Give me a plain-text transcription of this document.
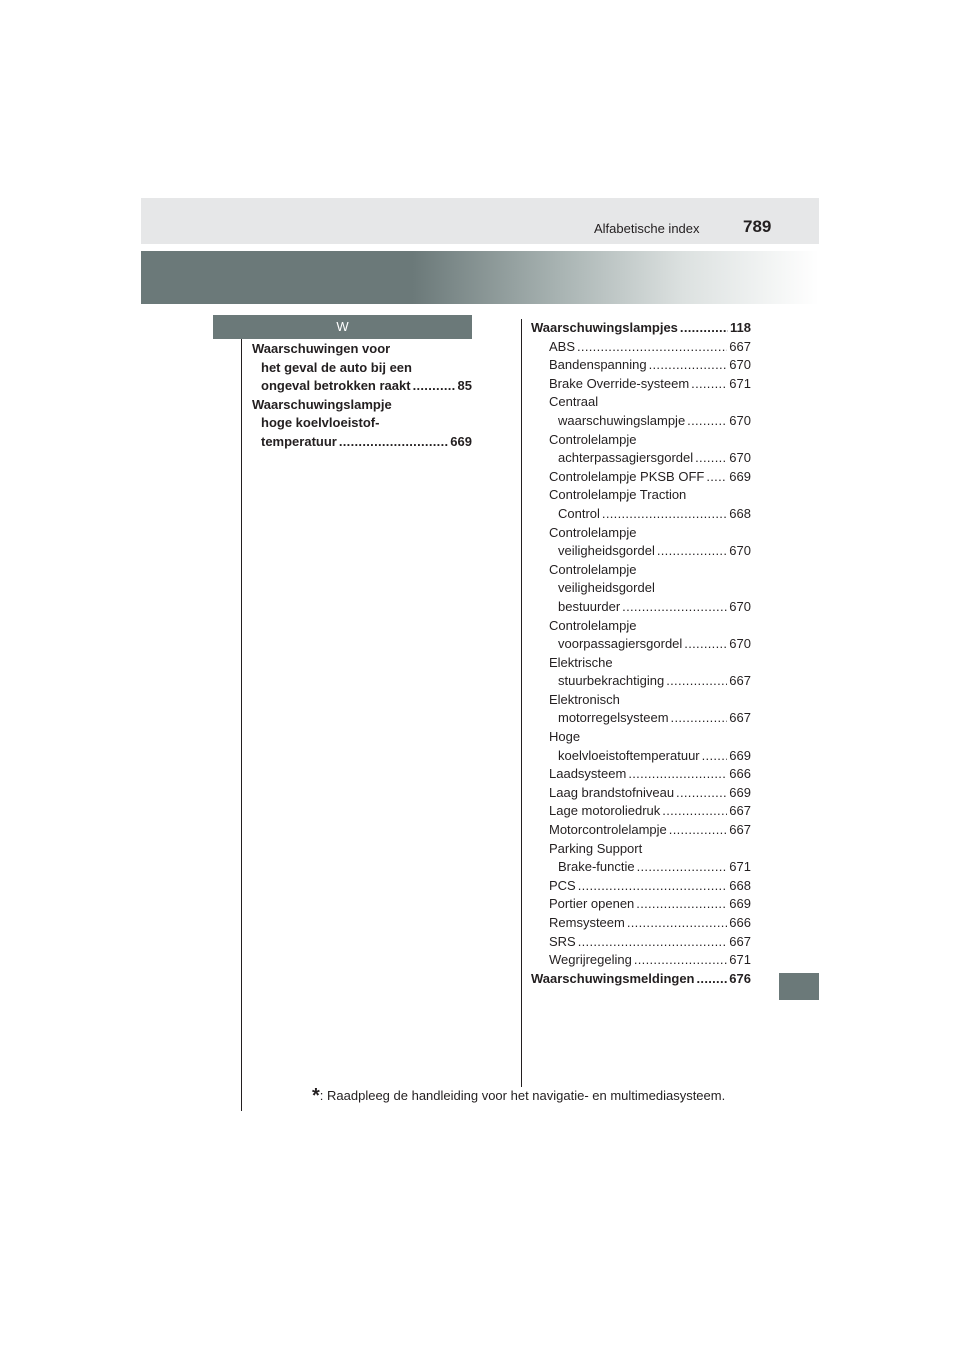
Alfabetische index	789
W
Waarschuwingen voor
het geval de auto bij een
ongeval betrokken raakt .....	85
Waarschuwingslampje
hoge koelvloeistof-
temperatuur .....	669
Waarschuwingslampjes .....	118
ABS .....	667
Bandenspanning .....	670
Brake Override-systeem .....	671
Centraal
waarschuwingslampje .....	670
Controlelampje
achterpassagiersgordel .....	670
Controlelampje PKSB OFF ..... 669
Controlelampje Traction
Control .....	668
Controlelampje
veiligheidsgordel .....	670
Controlelampje
veiligheidsgordel
bestuurder .....	670
Controlelampje
voorpassagiersgordel .....	670
Elektrische
stuurbekrachtiging .....	667
Elektronisch
motorregelsysteem .....	667
Hoge
koelvloeistoftemperatuur ..... 669
Laadsysteem .....	666
Laag brandstofniveau .....	669
Lage motoroliedruk .....	667
Motorcontrolelampje .....	667
Parking Support
Brake-functie .....	671
PCS .....	668
Portier openen .....	669
Remsysteem .....	666
SRS .....	667
Wegrijregeling .....	671
Waarschuwingsmeldingen .....	676
*: Raadpleeg de handleiding voor het navigatie- en multimediasysteem.
